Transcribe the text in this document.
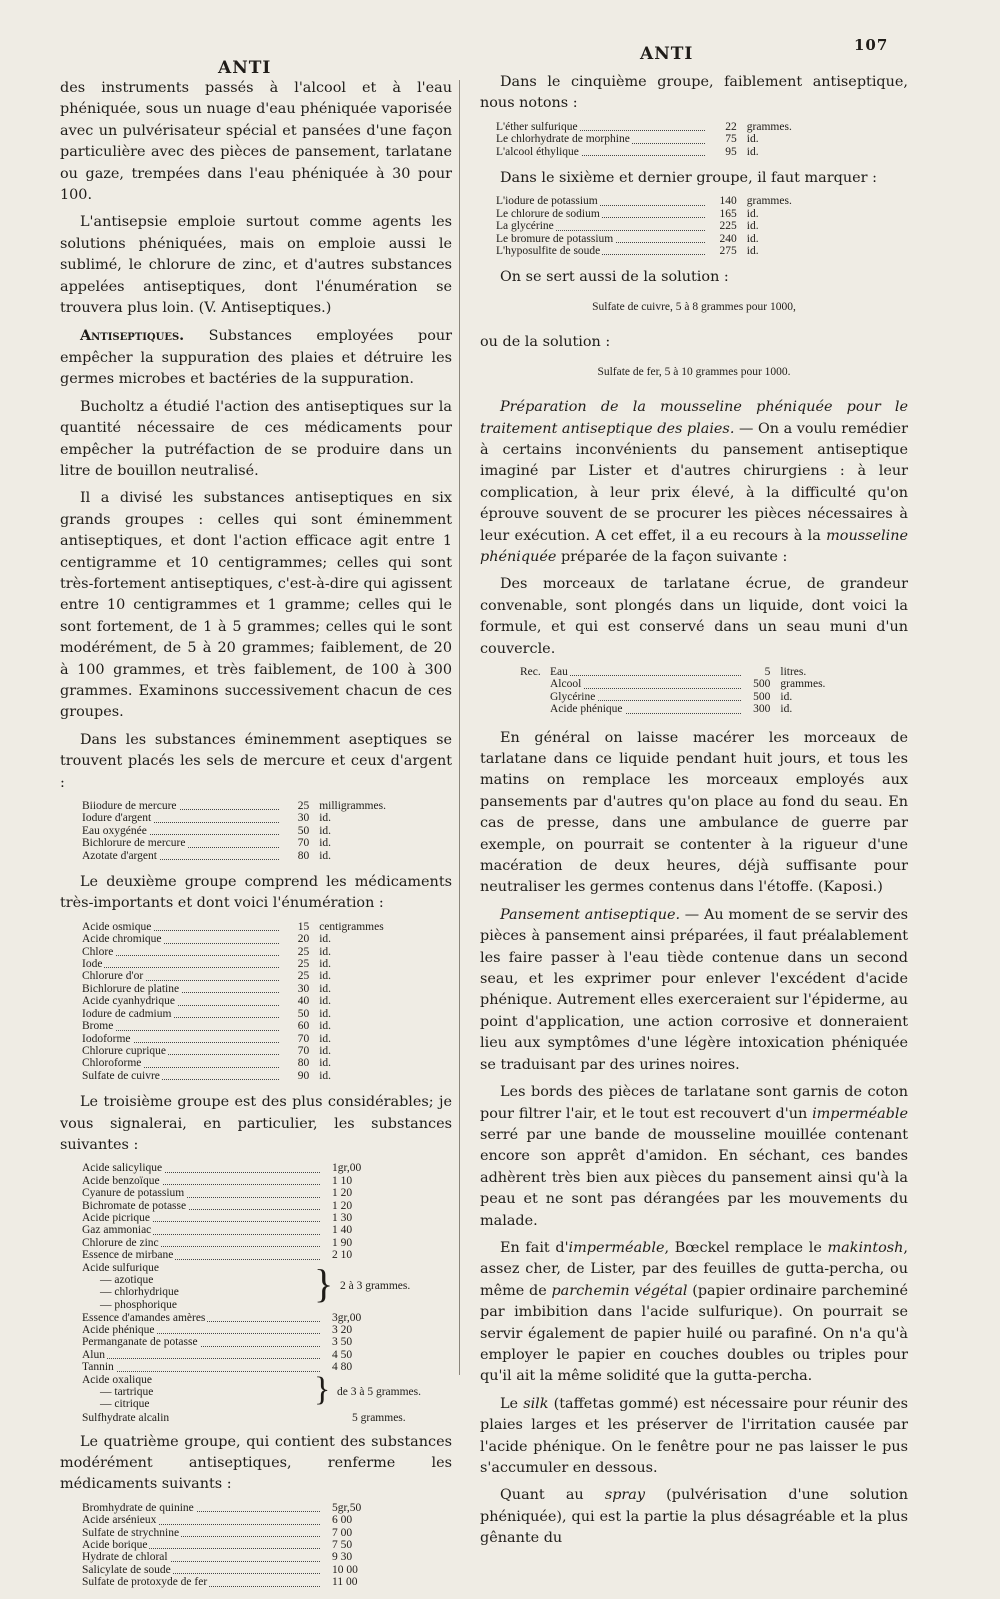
ANTI
ANTI	107

des instruments passés à l'alcool et à l'eau phéniquée, sous un nuage d'eau phéniquée vaporisée avec un pulvérisateur spécial et pansées d'une façon particulière avec des pièces de pansement, tarlatane ou gaze, trempées dans l'eau phéniquée à 30 pour 100.

L'antisepsie emploie surtout comme agents les solutions phéniquées, mais on emploie aussi le sublimé, le chlorure de zinc, et d'autres substances appelées antiseptiques, dont l'énumération se trouvera plus loin. (V. Antiseptiques.)

Antiseptiques. Substances employées pour empêcher la suppuration des plaies et détruire les germes microbes et bactéries de la suppuration.

Bucholtz a étudié l'action des antiseptiques sur la quantité nécessaire de ces médicaments pour empêcher la putréfaction de se produire dans un litre de bouillon neutralisé.

Il a divisé les substances antiseptiques en six grands groupes : celles qui sont éminemment antiseptiques, et dont l'action efficace agit entre 1 centigramme et 10 centigrammes; celles qui sont très-fortement antiseptiques, c'est-à-dire qui agissent entre 10 centigrammes et 1 gramme; celles qui le sont fortement, de 1 à 5 grammes; celles qui le sont modérément, de 5 à 20 grammes; faiblement, de 20 à 100 grammes, et très faiblement, de 100 à 300 grammes. Examinons successivement chacun de ces groupes.

Dans les substances éminemment aseptiques se trouvent placés les sels de mercure et ceux d'argent :

Biiodure de mercure	25	milligrammes.

Iodure d'argent	30	id.

Eau oxygénée	50	id.

Bichlorure de mercure	70	id.

Azotate d'argent	80	id.

Le deuxième groupe comprend les médicaments très-importants et dont voici l'énumération :

Acide osmique	15	centigrammes

Acide chromique	20	id.

Chlore	25	id.

Iode	25	id.

Chlorure d'or	25	id.

Bichlorure de platine	30	id.

Acide cyanhydrique	40	id.

Iodure de cadmium	50	id.

Brome	60	id.

Iodoforme	70	id.

Chlorure cuprique	70	id.

Chloroforme	80	id.

Sulfate de cuivre	90	id.

Le troisième groupe est des plus considérables; je vous signalerai, en particulier, les substances suivantes :

Acide salicylique	1gr,00

Acide benzoïque	1 10

Cyanure de potassium	1 20

Bichromate de potasse	1 20

Acide picrique	1 30

Gaz ammoniac	1 40

Chlorure de zinc	1 90

Essence de mirbane	2 10
Acide sulfurique
— azotique
— chlorhydrique
— phosphorique	} 2 à 3 grammes.
Essence d'amandes amères	3gr,00

Acide phénique	3 20

Permanganate de potasse	3 50

Alun	4 50

Tannin	4 80
Acide oxalique
— tartrique
— citrique	} de 3 à 5 grammes.
Sulfhydrate alcalin	5 grammes.

Le quatrième groupe, qui contient des substances modérément antiseptiques, renferme les médicaments suivants :

Bromhydrate de quinine	5gr,50

Acide arsénieux	6 00

Sulfate de strychnine	7 00

Acide borique	7 50

Hydrate de chloral	9 30

Salicylate de soude	10 00

Sulfate de protoxyde de fer	11 00

Dans le cinquième groupe, faiblement antiseptique, nous notons :

L'éther sulfurique	22	grammes.

Le chlorhydrate de morphine	75	id.

L'alcool éthylique	95	id.

Dans le sixième et dernier groupe, il faut marquer :

L'iodure de potassium	140	grammes.

Le chlorure de sodium	165	id.

La glycérine	225	id.

Le bromure de potassium	240	id.

L'hyposulfite de soude	275	id.

On se sert aussi de la solution :

Sulfate de cuivre, 5 à 8 grammes pour 1000,

ou de la solution :

Sulfate de fer, 5 à 10 grammes pour 1000.

Préparation de la mousseline phéniquée pour le traitement antiseptique des plaies. — On a voulu remédier à certains inconvénients du pansement antiseptique imaginé par Lister et d'autres chirurgiens : à leur complication, à leur prix élevé, à la difficulté qu'on éprouve souvent de se procurer les pièces nécessaires à leur exécution. A cet effet, il a eu recours à la mousseline phéniquée préparée de la façon suivante :

Des morceaux de tarlatane écrue, de grandeur convenable, sont plongés dans un liquide, dont voici la formule, et qui est conservé dans un seau muni d'un couvercle.

Rec. Eau	5	litres.

Alcool	500	grammes.

Glycérine	500	id.

Acide phénique	300	id.

En général on laisse macérer les morceaux de tarlatane dans ce liquide pendant huit jours, et tous les matins on remplace les morceaux employés aux pansements par d'autres qu'on place au fond du seau. En cas de presse, dans une ambulance de guerre par exemple, on pourrait se contenter à la rigueur d'une macération de deux heures, déjà suffisante pour neutraliser les germes contenus dans l'étoffe. (Kaposi.)

Pansement antiseptique. — Au moment de se servir des pièces à pansement ainsi préparées, il faut préalablement les faire passer à l'eau tiède contenue dans un second seau, et les exprimer pour enlever l'excédent d'acide phénique. Autrement elles exerceraient sur l'épiderme, au point d'application, une action corrosive et donneraient lieu aux symptômes d'une légère intoxication phéniquée se traduisant par des urines noires.

Les bords des pièces de tarlatane sont garnis de coton pour filtrer l'air, et le tout est recouvert d'un imperméable serré par une bande de mousseline mouillée contenant encore son apprêt d'amidon. En séchant, ces bandes adhèrent très bien aux pièces du pansement ainsi qu'à la peau et ne sont pas dérangées par les mouvements du malade.

En fait d'imperméable, Bœckel remplace le makintosh, assez cher, de Lister, par des feuilles de gutta-percha, ou même de parchemin végétal (papier ordinaire parcheminé par imbibition dans l'acide sulfurique). On pourrait se servir également de papier huilé ou parafiné. On n'a qu'à employer le papier en couches doubles ou triples pour qu'il ait la même solidité que la gutta-percha.

Le silk (taffetas gommé) est nécessaire pour réunir des plaies larges et les préserver de l'irritation causée par l'acide phénique. On le fenêtre pour ne pas laisser le pus s'accumuler en dessous.

Quant au spray (pulvérisation d'une solution phéniquée), qui est la partie la plus désagréable et la plus gênante du
